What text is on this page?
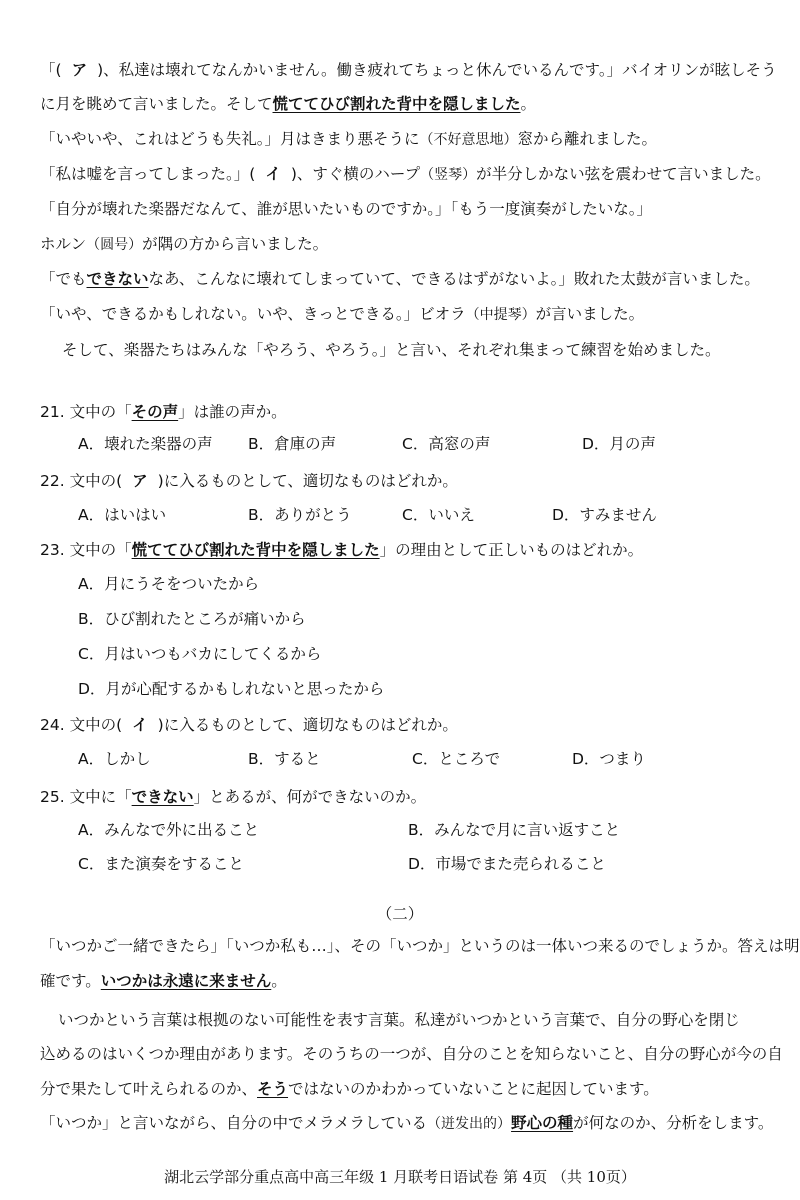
「( ア )、私達は壊れてなんかいません。働き疲れてちょっと休んでいるんです。」バイオリンが眩しそう
に月を眺めて言いました。そして慌ててひび割れた背中を隠しました。
「いやいや、これはどうも失礼。」月はきまり悪そうに（不好意思地）窓から離れました。
「私は嘘を言ってしまった。」( イ )、すぐ横のハープ（竖琴）が半分しかない弦を震わせて言いました。
「自分が壊れた楽器だなんて、誰が思いたいものですか。」「もう一度演奏がしたいな。」
ホルン（圆号）が隅の方から言いました。
「でもできないなあ、こんなに壊れてしまっていて、できるはずがないよ。」敗れた太鼓が言いました。
「いや、できるかもしれない。いや、きっとできる。」ビオラ（中提琴）が言いました。
そして、楽器たちはみんな「やろう、やろう。」と言い、それぞれ集まって練習を始めました。
21. 文中の「その声」は誰の声か。
A．壊れた楽器の声 B．倉庫の声	C．高窓の声	D．月の声
22. 文中の( ア )に入るものとして、適切なものはどれか。
A．はいはい	B．ありがとう	C．いいえ	D．すみません
23. 文中の「慌ててひび割れた背中を隠しました」の理由として正しいものはどれか。
A．月にうそをついたから
B．ひび割れたところが痛いから
C．月はいつもバカにしてくるから
D．月が心配するかもしれないと思ったから
24. 文中の( イ )に入るものとして、適切なものはどれか。
A．しかし	B．すると	C．ところで	D．つまり
25. 文中に「できない」とあるが、何ができないのか。
A．みんなで外に出ること	B．みんなで月に言い返すこと
C．また演奏をすること	D．市場でまた売られること
（二）
「いつかご一緒できたら」「いつか私も…」、その「いつか」というのは一体いつ来るのでしょうか。答えは明
確です。いつかは永遠に来ません。
いつかという言葉は根拠のない可能性を表す言葉。私達がいつかという言葉で、自分の野心を閉じ
込めるのはいくつか理由があります。そのうちの一つが、自分のことを知らないこと、自分の野心が今の自
分で果たして叶えられるのか、そうではないのかわかっていないことに起因しています。
「いつか」と言いながら、自分の中でメラメラしている（迸发出的）野心の種が何なのか、分析をします。
湖北云学部分重点高中高三年级 1 月联考日语试卷 第 4页 （共 10页）
